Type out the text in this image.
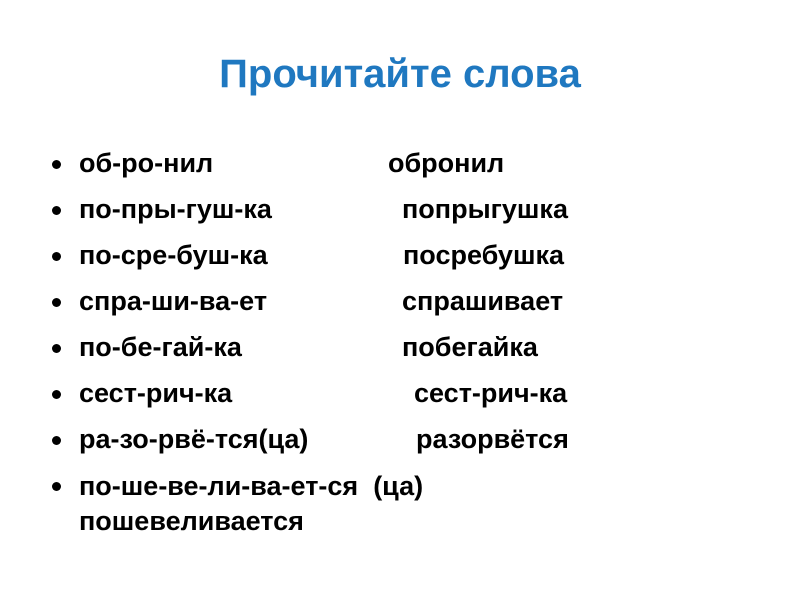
Прочитайте слова
об-ро-нил	обронил
по-пры-гуш-ка	попрыгушка
по-сре-буш-ка	посребушка
спра-ши-ва-ет	спрашивает
по-бе-гай-ка	побегайка
сест-рич-ка	сест-рич-ка
ра-зо-рвё-тся(ца)	разорвётся
по-ше-ве-ли-ва-ет-ся  (ца)
пошевеливается
